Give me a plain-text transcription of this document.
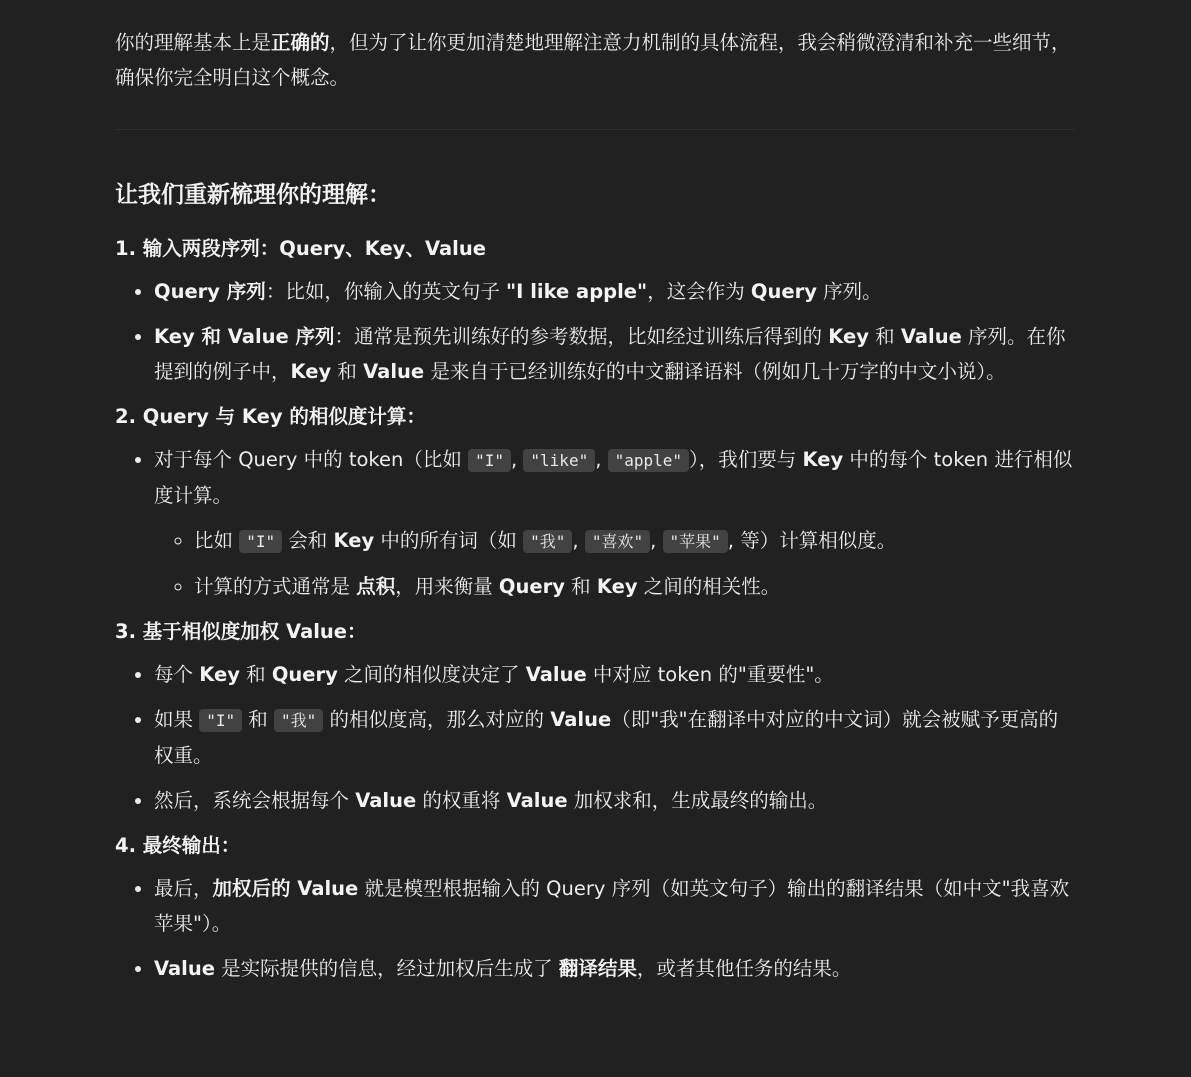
你的理解基本上是正确的，但为了让你更加清楚地理解注意力机制的具体流程，我会稍微澄清和补充一些细节，确保你完全明白这个概念。

让我们重新梳理你的理解：
1. 输入两段序列：Query、Key、Value
• Query 序列：比如，你输入的英文句子 "I like apple"，这会作为 Query 序列。
• Key 和 Value 序列：通常是预先训练好的参考数据，比如经过训练后得到的 Key 和 Value 序列。在你提到的例子中，Key 和 Value 是来自于已经训练好的中文翻译语料（例如几十万字的中文小说）。
2. Query 与 Key 的相似度计算：
• 对于每个 Query 中的 token（比如 "I" , "like" , "apple" ），我们要与 Key 中的每个 token 进行相似度计算。
◦ 比如 "I" 会和 Key 中的所有词（如 "我" , "喜欢" , "苹果" , 等）计算相似度。
◦ 计算的方式通常是 点积，用来衡量 Query 和 Key 之间的相关性。
3. 基于相似度加权 Value：
• 每个 Key 和 Query 之间的相似度决定了 Value 中对应 token 的"重要性"。
• 如果 "I" 和 "我" 的相似度高，那么对应的 Value（即"我"在翻译中对应的中文词）就会被赋予更高的权重。
• 然后，系统会根据每个 Value 的权重将 Value 加权求和，生成最终的输出。
4. 最终输出：
• 最后，加权后的 Value 就是模型根据输入的 Query 序列（如英文句子）输出的翻译结果（如中文"我喜欢苹果"）。
• Value 是实际提供的信息，经过加权后生成了 翻译结果，或者其他任务的结果。
